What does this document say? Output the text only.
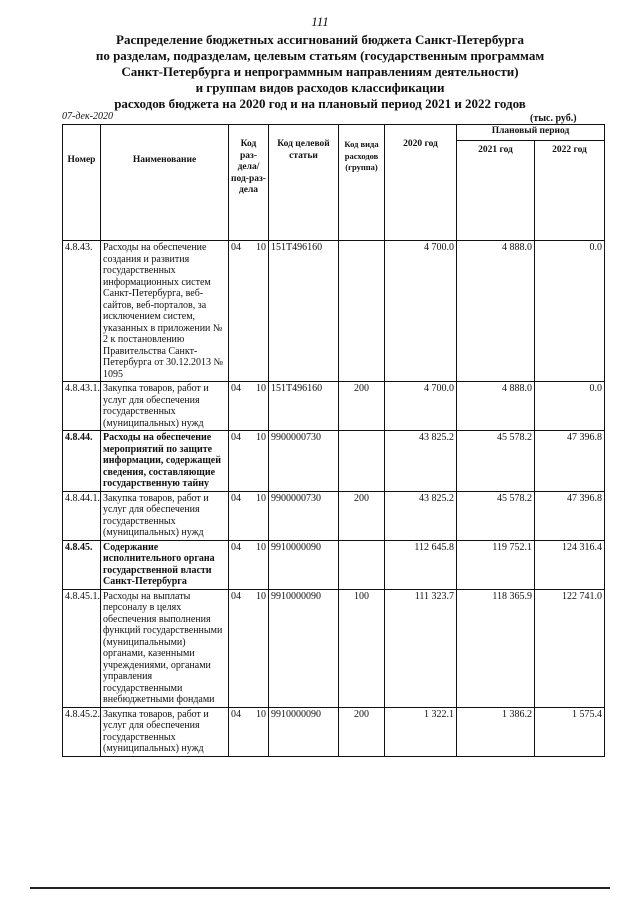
111
Распределение бюджетных ассигнований бюджета Санкт-Петербурга
по разделам, подразделам, целевым статьям (государственным программам
Санкт-Петербурга и непрограммным направлениям деятельности)
и группам видов расходов классификации
расходов бюджета на 2020 год и на плановый период 2021 и 2022 годов
07-дек-2020	(тыс. руб.)
Номер	Наименование	Код раз-дела/ под-раз-дела	Код целевой статьи	Код вида расходов (группа)	2020 год	Плановый период	
						2021 год	2022 год
4.8.43.	Расходы на обеспечение создания и развития государственных информационных систем Санкт-Петербурга, веб-сайтов, веб-порталов, за исключением систем, указанных в приложении № 2 к постановлению Правительства Санкт-Петербурга от 30.12.2013 № 1095	04 10	151Т496160		4 700.0	4 888.0	0.0
4.8.43.1.	Закупка товаров, работ и услуг для обеспечения государственных (муниципальных) нужд	04 10	151Т496160	200	4 700.0	4 888.0	0.0
4.8.44.	Расходы на обеспечение мероприятий по защите информации, содержащей сведения, составляющие государственную тайну	04 10	9900000730		43 825.2	45 578.2	47 396.8
4.8.44.1.	Закупка товаров, работ и услуг для обеспечения государственных (муниципальных) нужд	04 10	9900000730	200	43 825.2	45 578.2	47 396.8
4.8.45.	Содержание исполнительного органа государственной власти Санкт-Петербурга	04 10	9910000090		112 645.8	119 752.1	124 316.4
4.8.45.1.	Расходы на выплаты персоналу в целях обеспечения выполнения функций государственными (муниципальными) органами, казенными учреждениями, органами управления государственными внебюджетными фондами	04 10	9910000090	100	111 323.7	118 365.9	122 741.0
4.8.45.2.	Закупка товаров, работ и услуг для обеспечения государственных (муниципальных) нужд	04 10	9910000090	200	1 322.1	1 386.2	1 575.4
